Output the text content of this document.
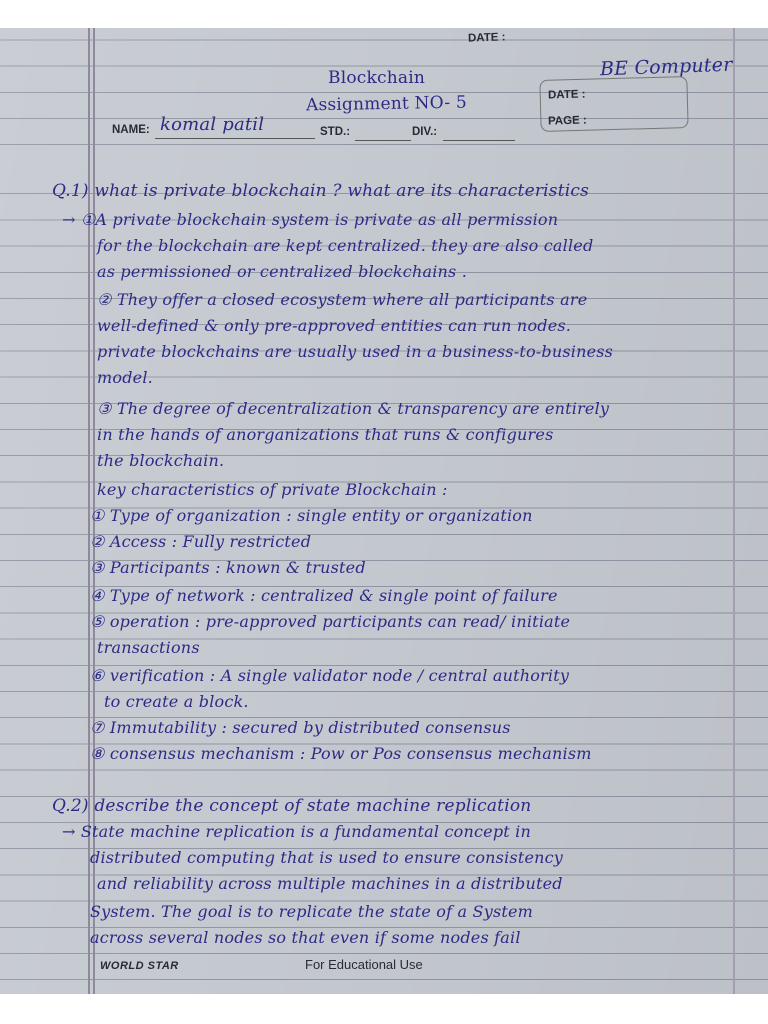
DATE :
DATE :
PAGE :
BE Computer
Blockchain
Assignment NO- 5
NAME: komal patil	STD.:	DIV.:
Q.1) what is private blockchain ? what are its characteristics
→ ①A private blockchain system is private as all permission
for the blockchain are kept centralized. they are also called
as permissioned or centralized blockchains .
② They offer a closed ecosystem where all participants are
well-defined & only pre-approved entities can run nodes.
private blockchains are usually used in a business-to-business
model.
③ The degree of decentralization & transparency are entirely
in the hands of anorganizations that runs & configures
the blockchain.
key characteristics of private Blockchain :
① Type of organization : single entity or organization
② Access : Fully restricted
③ Participants : known & trusted
④ Type of network : centralized & single point of failure
⑤ operation : pre-approved participants can read/ initiate
transactions
⑥ verification : A single validator node / central authority
to create a block.
⑦ Immutability : secured by distributed consensus
⑧ consensus mechanism : Pow or Pos consensus mechanism
Q.2) describe the concept of state machine replication
→ State machine replication is a fundamental concept in
distributed computing that is used to ensure consistency
and reliability across multiple machines in a distributed
System. The goal is to replicate the state of a System
across several nodes so that even if some nodes fail
WORLD STAR	For Educational Use
